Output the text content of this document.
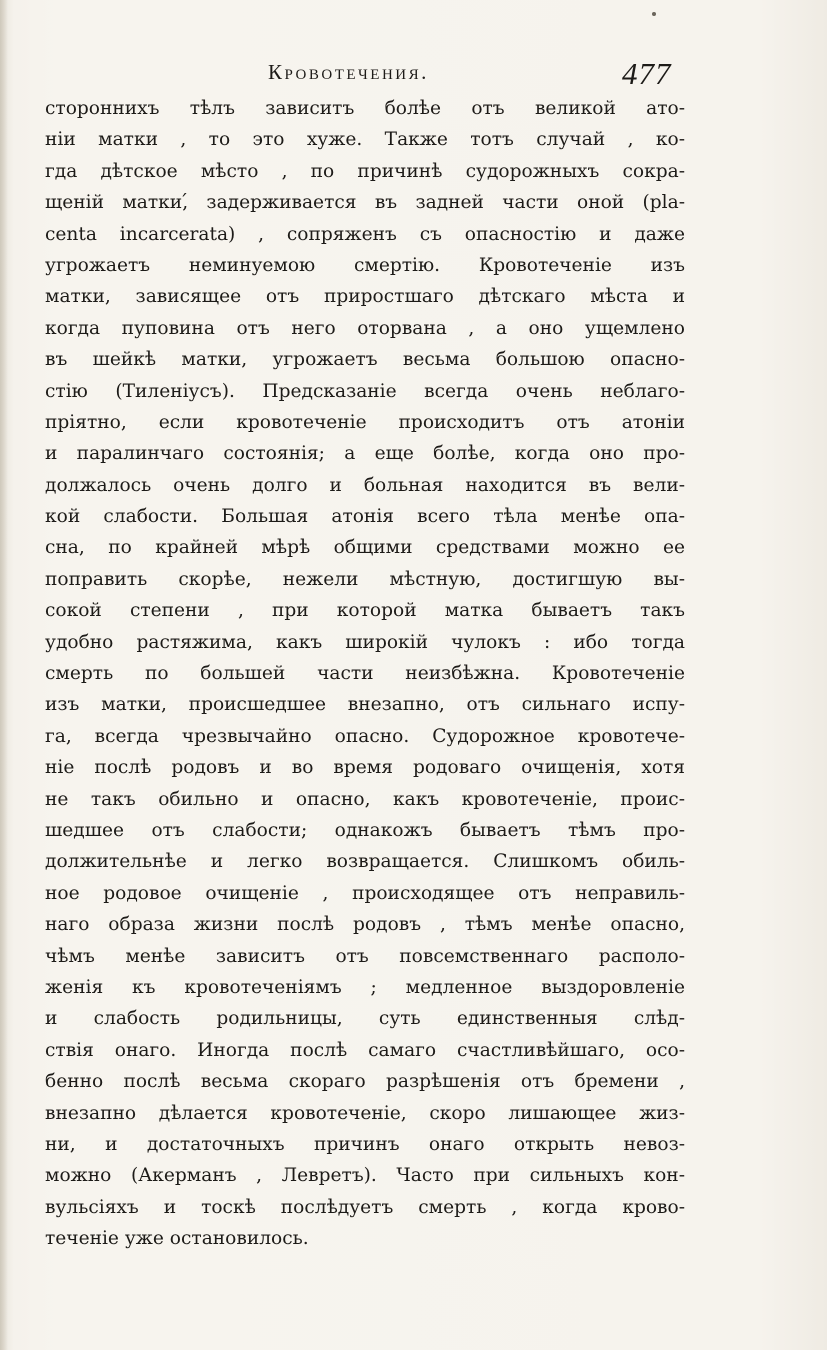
Кровотечения.	477
стороннихъ тѣлъ зависитъ болѣе отъ великой ато-
ніи матки , то это хуже. Также тотъ случай , ко-
гда дѣтское мѣсто , по причинѣ судорожныхъ сокра-
щеній матки,́ задерживается въ задней части оной (pla-
centa incarcerata) , сопряженъ съ опасностію и даже
угрожаетъ неминуемою смертію. Кровотеченіе изъ
матки, зависящее отъ приростшаго дѣтскаго мѣста и
когда пуповина отъ него оторвана , а оно ущемлено
въ шейкѣ матки, угрожаетъ весьма большою опасно-
стію (Тиленіусъ). Предсказаніе всегда очень неблаго-
пріятно, если кровотеченіе происходитъ отъ атоніи
и паралинчаго состоянія; а еще болѣе, когда оно про-
должалось очень долго и больная находится въ вели-
кой слабости. Большая атонія всего тѣла менѣе опа-
сна, по крайней мѣрѣ общими средствами можно ее
поправить скорѣе, нежели мѣстную, достигшую вы-
сокой степени , при которой матка бываетъ такъ
удобно растяжима, какъ широкій чулокъ : ибо тогда
смерть по большей части неизбѣжна. Кровотеченіе
изъ матки, происшедшее внезапно, отъ сильнаго испу-
га, всегда чрезвычайно опасно. Судорожное кровотече-
ніе послѣ родовъ и во время родоваго очищенія, хотя
не такъ обильно и опасно, какъ кровотеченіе, проис-
шедшее отъ слабости; однакожъ бываетъ тѣмъ про-
должительнѣе и легко возвращается. Слишкомъ обиль-
ное родовое очищеніе , происходящее отъ неправиль-
наго образа жизни послѣ родовъ , тѣмъ менѣе опасно,
чѣмъ менѣе зависитъ отъ повсемственнаго располо-
женія къ кровотеченіямъ ; медленное выздоровленіе
и слабость родильницы, суть единственныя слѣд-
ствія онаго. Иногда послѣ самаго счастливѣйшаго, осо-
бенно послѣ весьма скораго разрѣшенія отъ бремени ,
внезапно дѣлается кровотеченіе, скоро лишающее жиз-
ни, и достаточныхъ причинъ онаго открыть невоз-
можно (Акерманъ , Левретъ). Часто при сильныхъ кон-
вульсіяхъ и тоскѣ послѣдуетъ смерть , когда крово-
теченіе уже остановилось.
